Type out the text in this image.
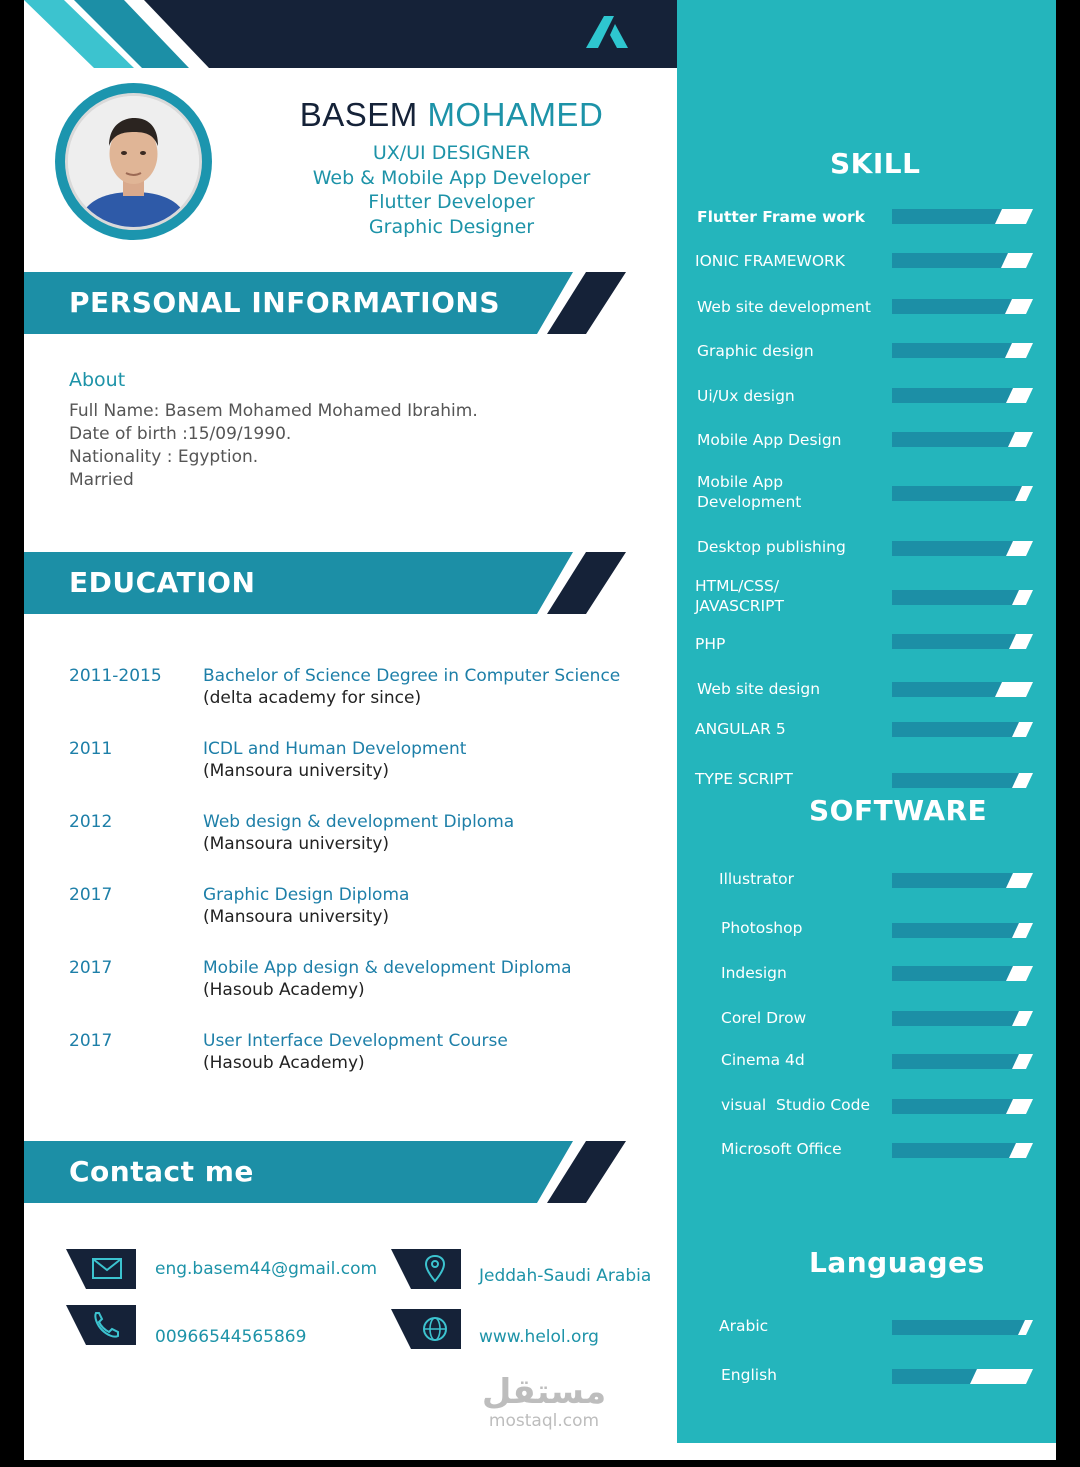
BASEM MOHAMED
UX/UI DESIGNER
Web & Mobile App Developer
Flutter Developer
Graphic Designer
PERSONAL INFORMATIONS
About
Full Name: Basem Mohamed Mohamed Ibrahim.
Date of birth :15/09/1990.
Nationality : Egyption.
Married
EDUCATION
2011-2015 Bachelor of Science Degree in Computer Science
(delta academy for since)
2011	ICDL and Human Development
(Mansoura university)
2012	Web design & development Diploma
(Mansoura university)
2017	Graphic Design Diploma
(Mansoura university)
2017	Mobile App design & development Diploma
(Hasoub Academy)
2017	User Interface Development Course
(Hasoub Academy)
Contact me
eng.basem44@gmail.com	Jeddah-Saudi Arabia
00966544565869	www.helol.org
SKILL
SOFTWARE
Languages
Flutter Frame work
IONIC FRAMEWORK
Web site development
Graphic design
Ui/Ux design
Mobile App Design
Mobile App
Development
Desktop publishing
HTML/CSS/
JAVASCRIPT
PHP
Web site design
ANGULAR 5
TYPE SCRIPT
Illustrator
Photoshop
Indesign
Corel Drow
Cinema 4d
visual  Studio Code
Microsoft Office
Arabic
English
مستقل
mostaql.com
